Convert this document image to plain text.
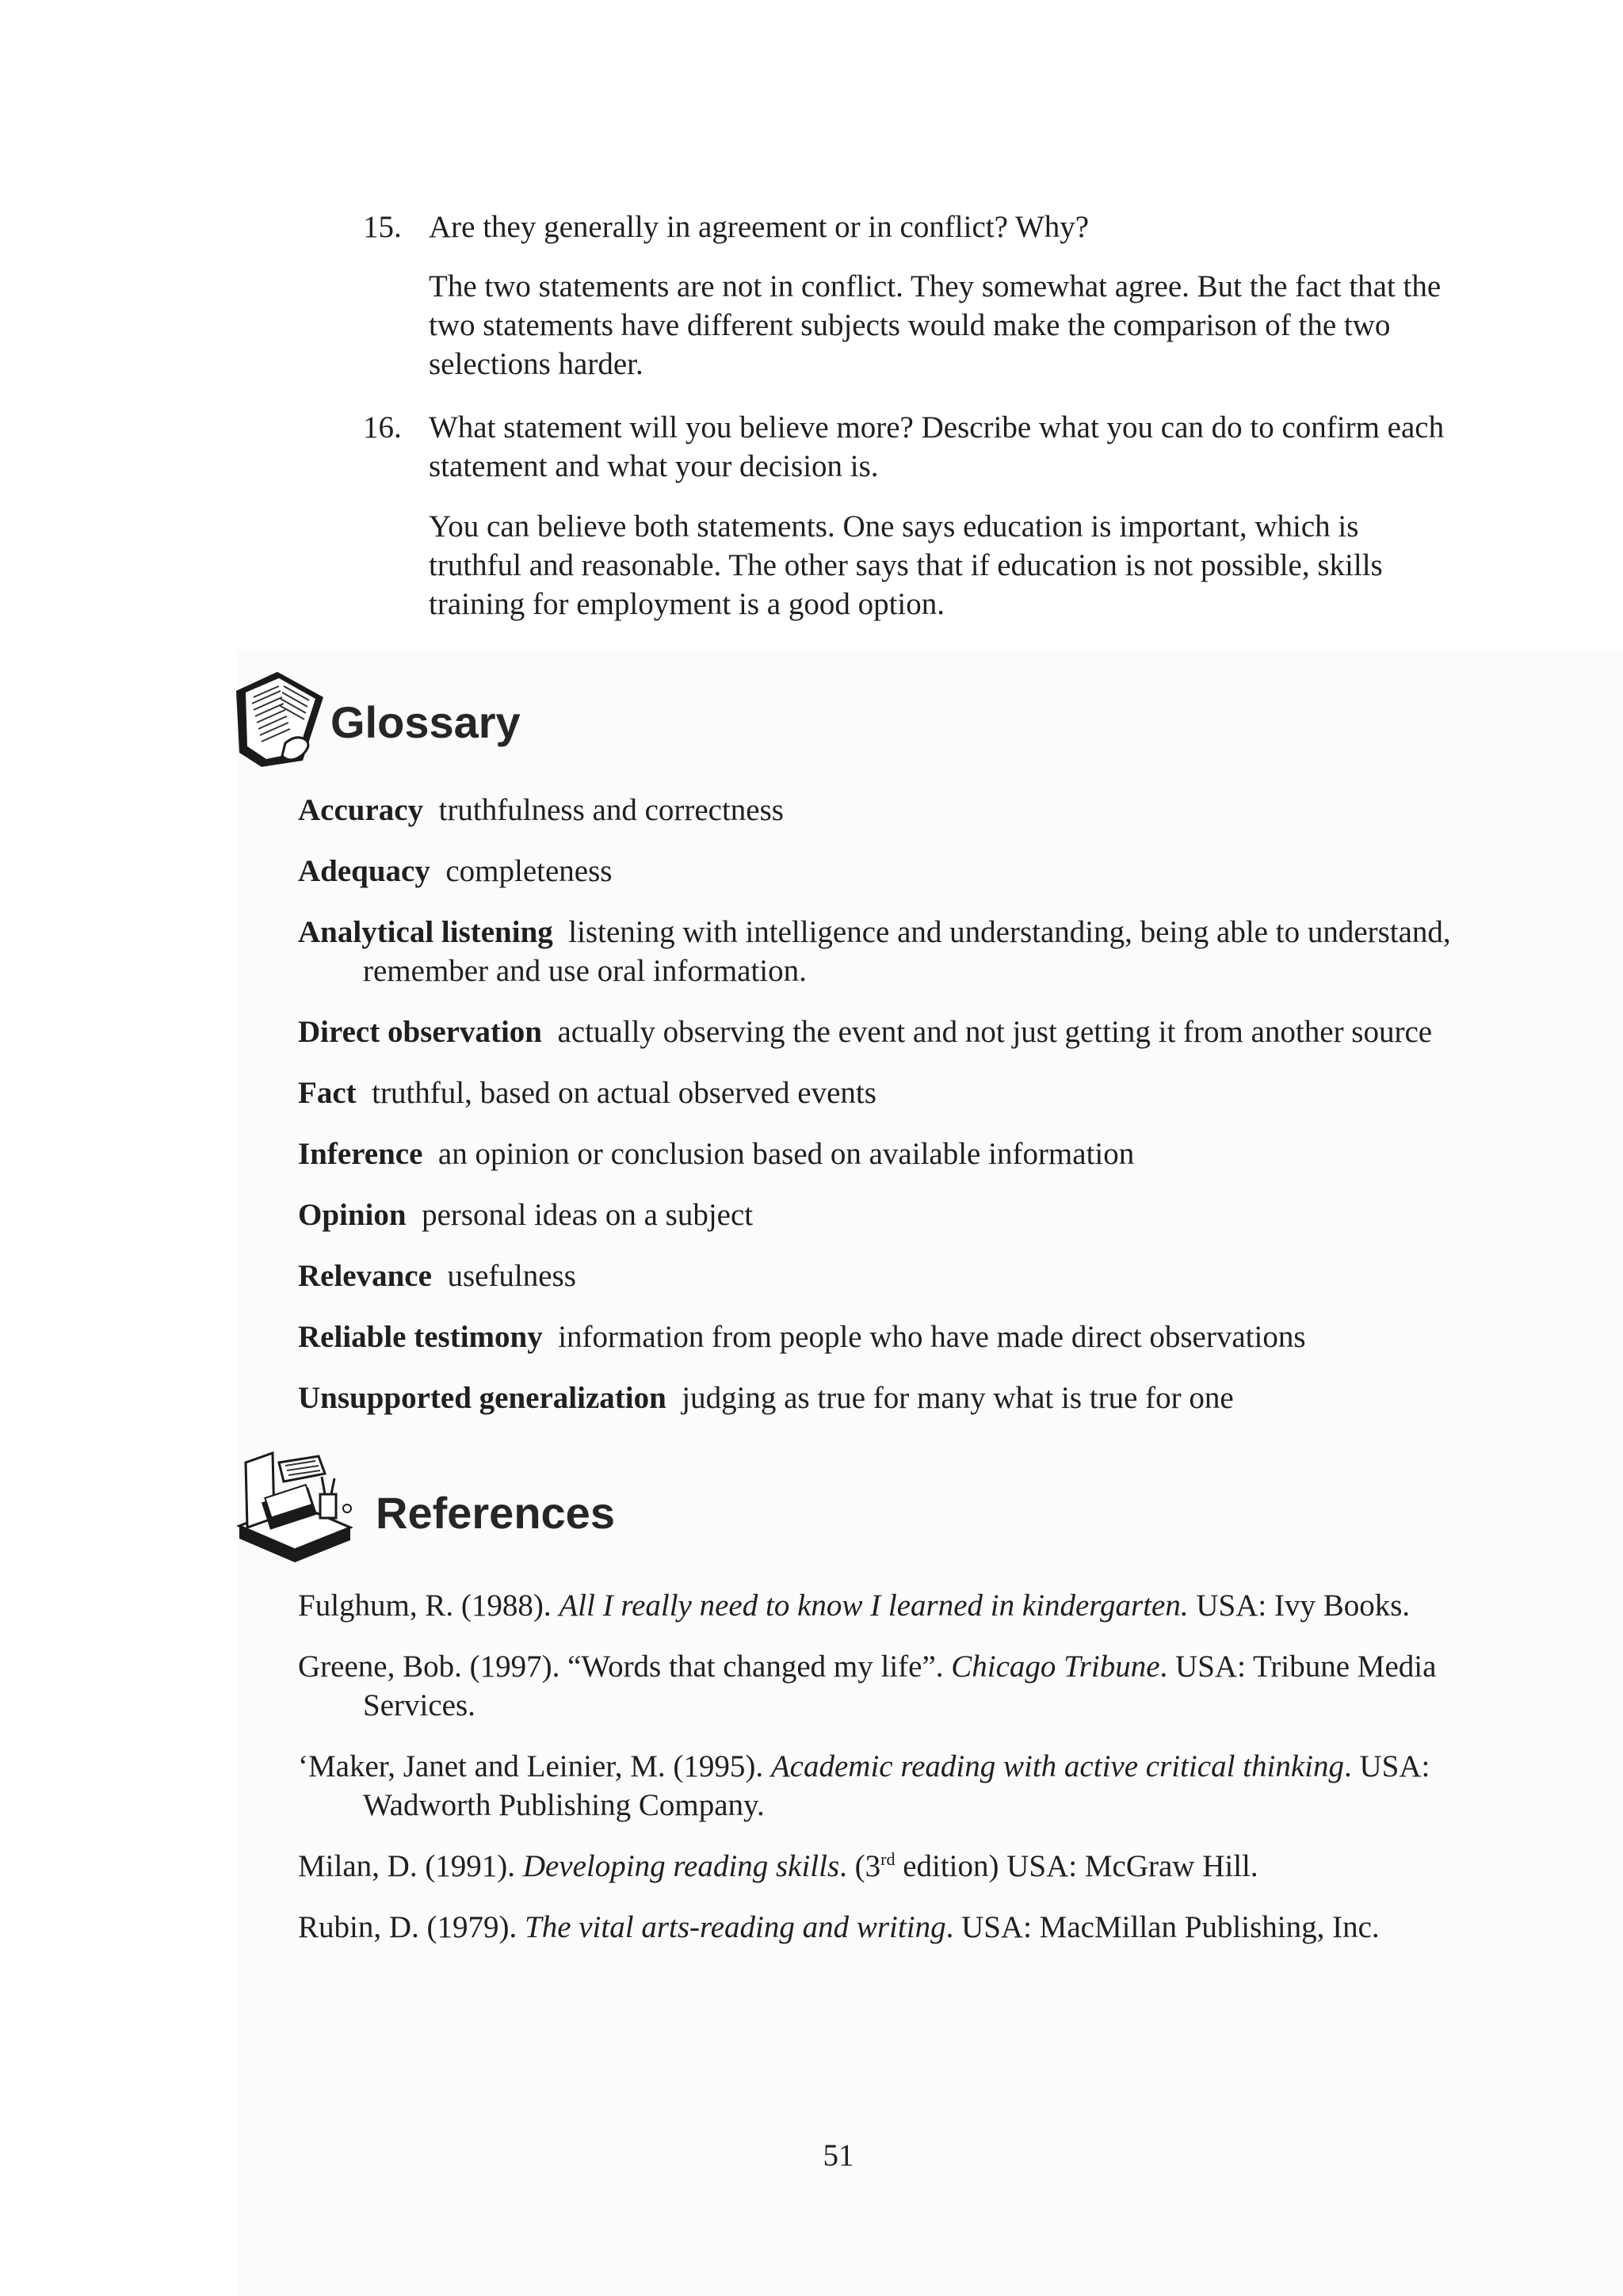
15. Are they generally in agreement or in conflict? Why?

The two statements are not in conflict. They somewhat agree. But the fact that the two statements have different subjects would make the comparison of the two selections harder.

16. What statement will you believe more? Describe what you can do to confirm each statement and what your decision is.

You can believe both statements. One says education is important, which is truthful and reasonable. The other says that if education is not possible, skills training for employment is a good option.

Glossary

Accuracy truthfulness and correctness

Adequacy completeness

Analytical listening listening with intelligence and understanding, being able to understand, remember and use oral information.

Direct observation actually observing the event and not just getting it from another source

Fact truthful, based on actual observed events

Inference an opinion or conclusion based on available information

Opinion personal ideas on a subject

Relevance usefulness

Reliable testimony information from people who have made direct observations

Unsupported generalization judging as true for many what is true for one

References

Fulghum, R. (1988). All I really need to know I learned in kindergarten. USA: Ivy Books.

Greene, Bob. (1997). “Words that changed my life”. Chicago Tribune. USA: Tribune Media Services.

‘Maker, Janet and Leinier, M. (1995). Academic reading with active critical thinking. USA: Wadworth Publishing Company.

Milan, D. (1991). Developing reading skills. (3rd edition) USA: McGraw Hill.

Rubin, D. (1979). The vital arts-reading and writing. USA: MacMillan Publishing, Inc.

51
